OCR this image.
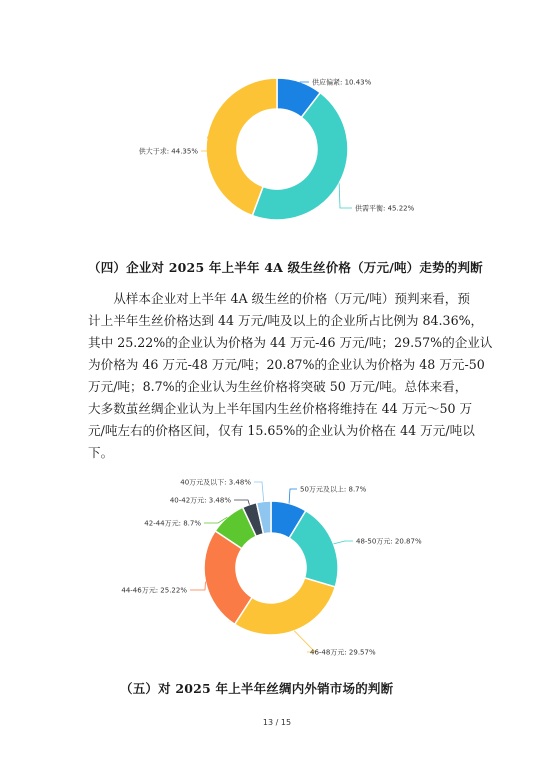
供应偏紧: 10.43%
供需平衡: 45.22%
供大于求: 44.35%
（四）企业对 2025 年上半年 4A 级生丝价格（万元/吨）走势的判断
　　从样本企业对上半年 4A 级生丝的价格（万元/吨）预判来看，预
计上半年生丝价格达到 44 万元/吨及以上的企业所占比例为 84.36%，
其中 25.22%的企业认为价格为 44 万元-46 万元/吨；29.57%的企业认
为价格为 46 万元-48 万元/吨；20.87%的企业认为价格为 48 万元-50
万元/吨；8.7%的企业认为生丝价格将突破 50 万元/吨。总体来看，
大多数茧丝绸企业认为上半年国内生丝价格将维持在 44 万元～50 万
元/吨左右的价格区间，仅有 15.65%的企业认为价格在 44 万元/吨以
下。
50万元及以上: 8.7%
48-50万元: 20.87%
46-48万元: 29.57%
44-46万元: 25.22%
42-44万元: 8.7%
40-42万元: 3.48%
40万元及以下: 3.48%
（五）对 2025 年上半年丝绸内外销市场的判断
13 / 15
